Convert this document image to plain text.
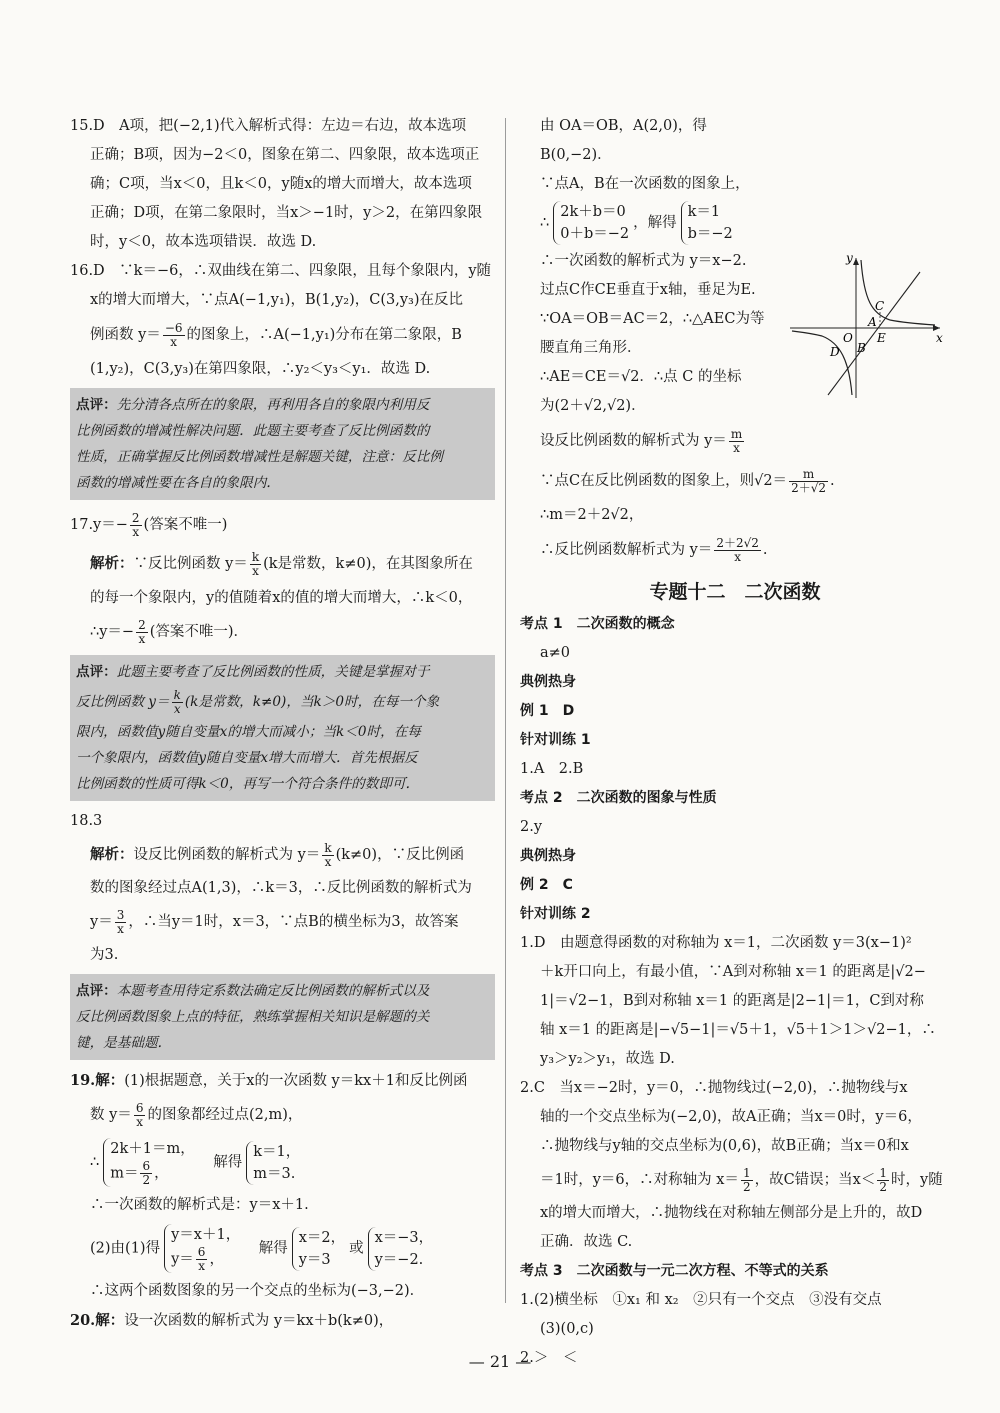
15.D　A项，把(−2,1)代入解析式得：左边＝右边，故本选项

正确；B项，因为−2＜0，图象在第二、四象限，故本选项正

确；C项，当x＜0，且k＜0，y随x的增大而增大，故本选项

正确；D项，在第二象限时，当x＞−1时，y＞2，在第四象限

时，y＜0，故本选项错误．故选 D.

16.D　∵k＝−6，∴双曲线在第二、四象限，且每个象限内，y随

x的增大而增大，∵点A(−1,y₁)，B(1,y₂)，C(3,y₃)在反比

例函数 $y= \frac{-6}{x}$ 的图象上，∴A(−1,y₁)分布在第二象限，B

(1,y₂)，C(3,y₃)在第四象限，∴y₂＜y₃＜y₁．故选 D.

点评：先分清各点所在的象限，再利用各自的象限内利用反
比例函数的增减性解决问题．此题主要考查了反比例函数的
性质，正确掌握反比例函数增减性是解题关键，注意：反比例
函数的增减性要在各自的象限内．

$17.y=- \frac{2}{x}$ (答案不唯一)

解析：∵反比例函数 $y= \frac{k}{x} (k$是常数，k≠0)，在其图象所在

的每一个象限内，y的值随着x的值的增大而增大，∴k＜0，

∴y＝− $\frac{2}{x}$ (答案不唯一)．

点评：此题主要考查了反比例函数的性质，关键是掌握对于
反比例函数 $y= \frac{k}{x} (k$是常数，k≠0)，当k＞0时，在每一个象
限内，函数值y随自变量x的增大而减小；当k＜0时，在每
一个象限内，函数值y随自变量x增大而增大．首先根据反
比例函数的性质可得k＜0，再写一个符合条件的数即可．

18.3

解析：设反比例函数的解析式为 $y= \frac{k}{x} (k\ne 0)$，∵反比例函

数的图象经过点A(1,3)，∴k＝3，∴反比例函数的解析式为

$y= \frac{3}{x}$ ，∴当y＝1时，x＝3，∵点B的横坐标为3，故答案

为3.

点评：本题考查用待定系数法确定反比例函数的解析式以及
反比例函数图象上点的特征，熟练掌握相关知识是解题的关
键，是基础题．

19.解：(1)根据题意，关于x的一次函数 y＝kx＋1和反比例函

数 $y= \frac{6}{x}$ 的图象都经过点(2,m)，

∴
2k＋1＝m，
$m= \frac{6}{2}$ ，
　解得
k＝1，
m＝3.

∴一次函数的解析式是：y＝x＋1.

(2)由(1)得
y＝x＋1，
$y= \frac{6}{x}$ ，
　解得
x＝2，
y＝3
或
x＝−3，
y＝−2.

∴这两个函数图象的另一个交点的坐标为(−3,−2)．

20.解：设一次函数的解析式为 y＝kx＋b(k≠0)，

由 OA＝OB，A(2,0)，得 B(0,−2)．

∵点A，B在一次函数的图象上，

∴
2k＋b＝0
0＋b＝−2
，解得
k＝1
b＝−2

∴一次函数的解析式为 y＝x−2.

过点C作CE垂直于x轴，垂足为E.

∵OA＝OB＝AC＝2，∴△AEC为等

腰直角三角形．

∴AE＝CE＝√2．∴点 C 的坐标

为(2＋√2,√2)．

设反比例函数的解析式为 $y= \frac{m}{x}$

∵点C在反比例函数的图象上，则$√2= \frac{m}{2+√2}$ .

∴m＝2＋2√2，

∴反比例函数解析式为 $y= \frac{2+2√2}{x}$ .

专题十二　二次函数

考点 1　 二次函数的概念

a≠0

典例热身

例 1　D

针对训练 1

1.A　2.B

考点 2　 二次函数的图象与性质

2.y

典例热身

例 2　C

针对训练 2

1.D　由题意得函数的对称轴为 x＝1，二次函数 y＝3(x−1)²

＋k开口向上，有最小值，∵A到对称轴 x＝1 的距离是|√2−

1|＝√2−1，B到对称轴 x＝1 的距离是|2−1|＝1，C到对称

轴 x＝1 的距离是|−√5−1|＝√5＋1，√5＋1＞1＞√2−1，∴

y₃＞y₂＞y₁，故选 D.

2.C　当x＝−2时，y＝0，∴抛物线过(−2,0)，∴抛物线与x

轴的一个交点坐标为(−2,0)，故A正确；当x＝0时，y＝6，

∴抛物线与y轴的交点坐标为(0,6)，故B正确；当x＝0和x

＝1时，y＝6，∴对称轴为 $x= \frac{1}{2}$ ，故C错误；当$x< \frac{1}{2}$ 时，y随

x的增大而增大，∴抛物线在对称轴左侧部分是上升的，故D

正确．故选 C.

考点 3　 二次函数与一元二次方程、不等式的关系

1.(2)横坐标　①x₁ 和 x₂　②只有一个交点　③没有交点

(3)(0,c)

2.＞　＜

y
x
O
A
B
C
D
E
— 21 —
